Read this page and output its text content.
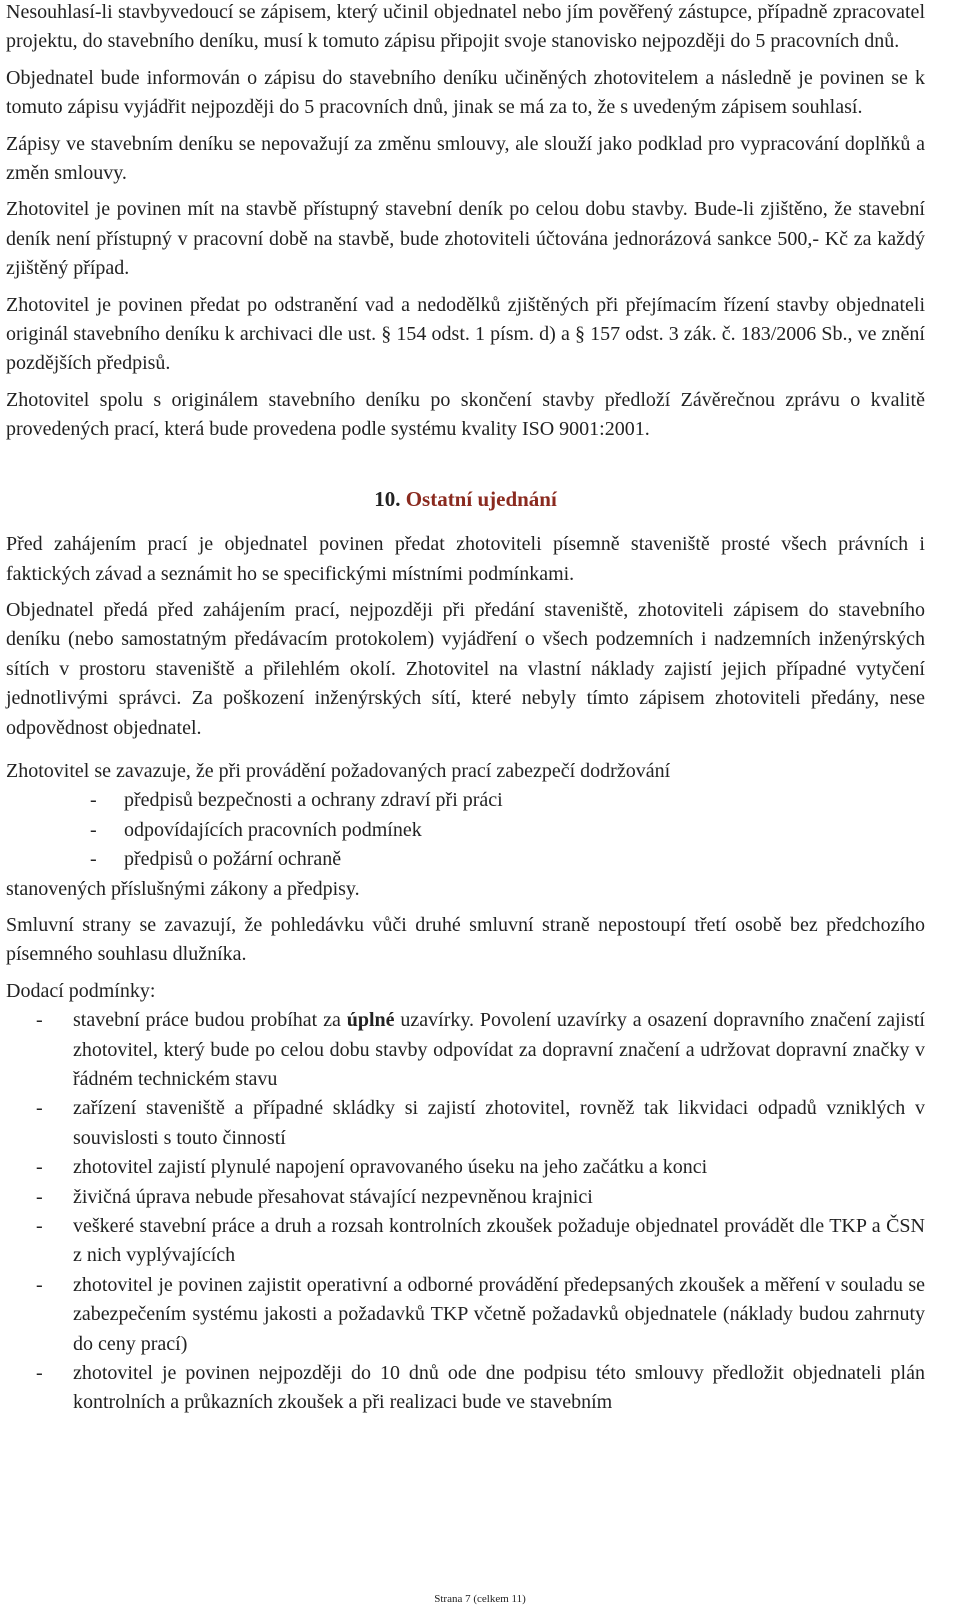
Nesouhlasí-li stavbyvedoucí se zápisem, který učinil objednatel nebo jím pověřený zástupce, případně zpracovatel projektu, do stavebního deníku, musí k tomuto zápisu připojit svoje stanovisko nejpozději do 5 pracovních dnů.

Objednatel bude informován o zápisu do stavebního deníku učiněných zhotovitelem a následně je povinen se k tomuto zápisu vyjádřit nejpozději do 5 pracovních dnů, jinak se má za to, že s uvedeným zápisem souhlasí.

Zápisy ve stavebním deníku se nepovažují za změnu smlouvy, ale slouží jako podklad pro vypracování doplňků a změn smlouvy.

Zhotovitel je povinen mít na stavbě přístupný stavební deník po celou dobu stavby. Bude-li zjištěno, že stavební deník není přístupný v pracovní době na stavbě, bude zhotoviteli účtována jednorázová sankce 500,- Kč za každý zjištěný případ.

Zhotovitel je povinen předat po odstranění vad a nedodělků zjištěných při přejímacím řízení stavby objednateli originál stavebního deníku k archivaci dle ust. § 154 odst. 1 písm. d) a § 157 odst. 3 zák. č. 183/2006 Sb., ve znění pozdějších předpisů.

Zhotovitel spolu s originálem stavebního deníku po skončení stavby předloží Závěrečnou zprávu o kvalitě provedených prací, která bude provedena podle systému kvality ISO 9001:2001.

10. Ostatní ujednání

Před zahájením prací je objednatel povinen předat zhotoviteli písemně staveniště prosté všech právních i faktických závad a seznámit ho se specifickými místními podmínkami.

Objednatel předá před zahájením prací, nejpozději při předání staveniště, zhotoviteli zápisem do stavebního deníku (nebo samostatným předávacím protokolem) vyjádření o všech podzemních i nadzemních inženýrských sítích v prostoru staveniště a přilehlém okolí. Zhotovitel na vlastní náklady zajistí jejich případné vytyčení jednotlivými správci. Za poškození inženýrských sítí, které nebyly tímto zápisem zhotoviteli předány, nese odpovědnost objednatel.

Zhotovitel se zavazuje, že při provádění požadovaných prací zabezpečí dodržování
- předpisů bezpečnosti a ochrany zdraví při práci
- odpovídajících pracovních podmínek
- předpisů o požární ochraně
stanovených příslušnými zákony a předpisy.

Smluvní strany se zavazují, že pohledávku vůči druhé smluvní straně nepostoupí třetí osobě bez předchozího písemného souhlasu dlužníka.

Dodací podmínky:
- stavební práce budou probíhat za úplné uzavírky. Povolení uzavírky a osazení dopravního značení zajistí zhotovitel, který bude po celou dobu stavby odpovídat za dopravní značení a udržovat dopravní značky v řádném technickém stavu
- zařízení staveniště a případné skládky si zajistí zhotovitel, rovněž tak likvidaci odpadů vzniklých v souvislosti s touto činností
- zhotovitel zajistí plynulé napojení opravovaného úseku na jeho začátku a konci
- živičná úprava nebude přesahovat stávající nezpevněnou krajnici
- veškeré stavební práce a druh a rozsah kontrolních zkoušek požaduje objednatel provádět dle TKP a ČSN z nich vyplývajících
- zhotovitel je povinen zajistit operativní a odborné provádění předepsaných zkoušek a měření v souladu se zabezpečením systému jakosti a požadavků TKP včetně požadavků objednatele (náklady budou zahrnuty do ceny prací)
- zhotovitel je povinen nejpozději do 10 dnů ode dne podpisu této smlouvy předložit objednateli plán kontrolních a průkazních zkoušek a při realizaci bude ve stavebním
Strana 7 (celkem 11)
